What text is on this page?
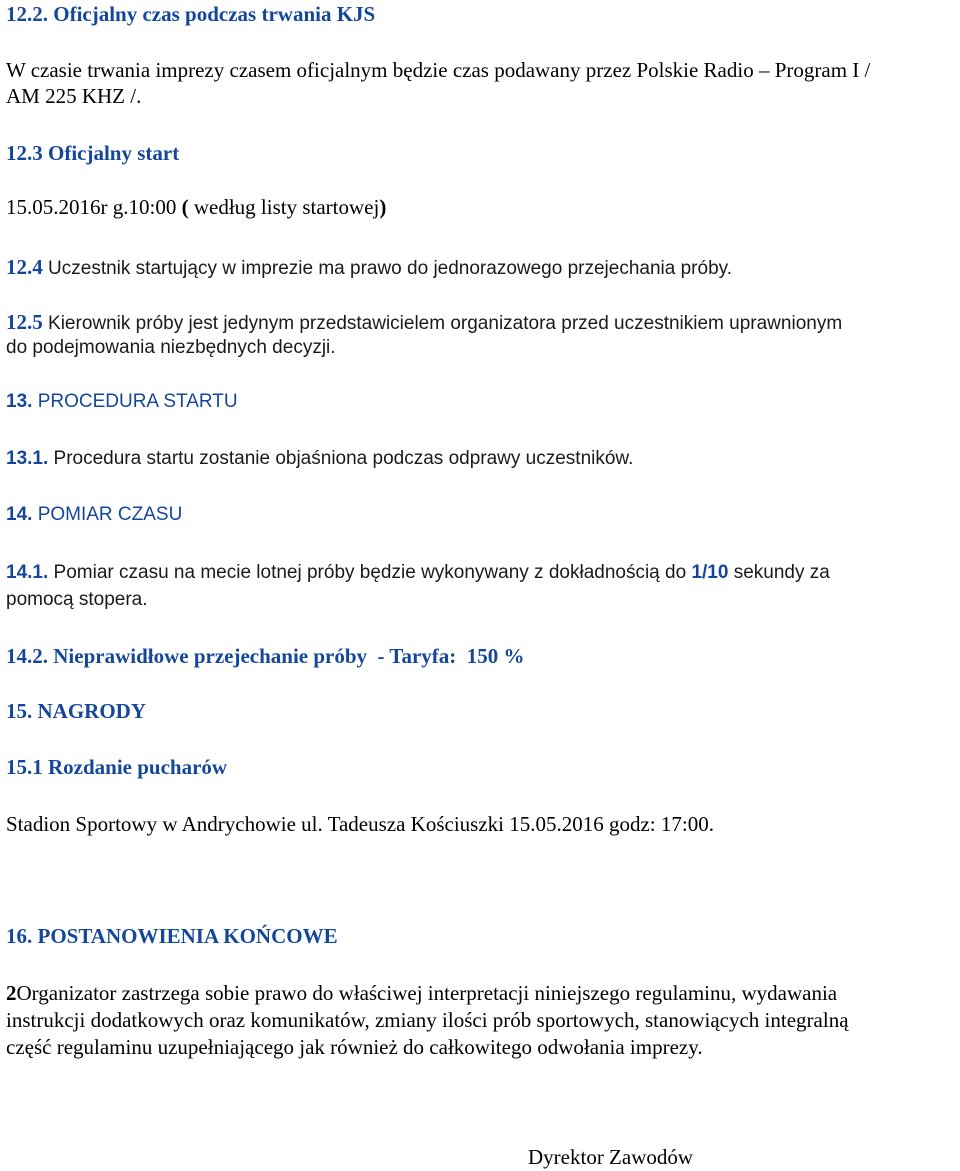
12.2. Oficjalny czas podczas trwania KJS

W czasie trwania imprezy czasem oficjalnym będzie czas podawany przez Polskie Radio – Program I /

AM 225 KHZ /.

12.3 Oficjalny start

15.05.2016r g.10:00 ( według listy startowej)

12.4 Uczestnik startujący w imprezie ma prawo do jednorazowego przejechania próby.

12.5 Kierownik próby jest jedynym przedstawicielem organizatora przed uczestnikiem uprawnionym

do podejmowania niezbędnych decyzji.

13. PROCEDURA STARTU

13.1. Procedura startu zostanie objaśniona podczas odprawy uczestników.

14. POMIAR CZASU

14.1. Pomiar czasu na mecie lotnej próby będzie wykonywany z dokładnością do 1/10 sekundy za

pomocą stopera.

14.2. Nieprawidłowe przejechanie próby  - Taryfa:  150 %

15. NAGRODY

15.1 Rozdanie pucharów

Stadion Sportowy w Andrychowie ul. Tadeusza Kościuszki 15.05.2016 godz: 17:00.

16. POSTANOWIENIA KOŃCOWE

2Organizator zastrzega sobie prawo do właściwej interpretacji niniejszego regulaminu, wydawania

instrukcji dodatkowych oraz komunikatów, zmiany ilości prób sportowych, stanowiących integralną

część regulaminu uzupełniającego jak również do całkowitego odwołania imprezy.

Dyrektor Zawodów
